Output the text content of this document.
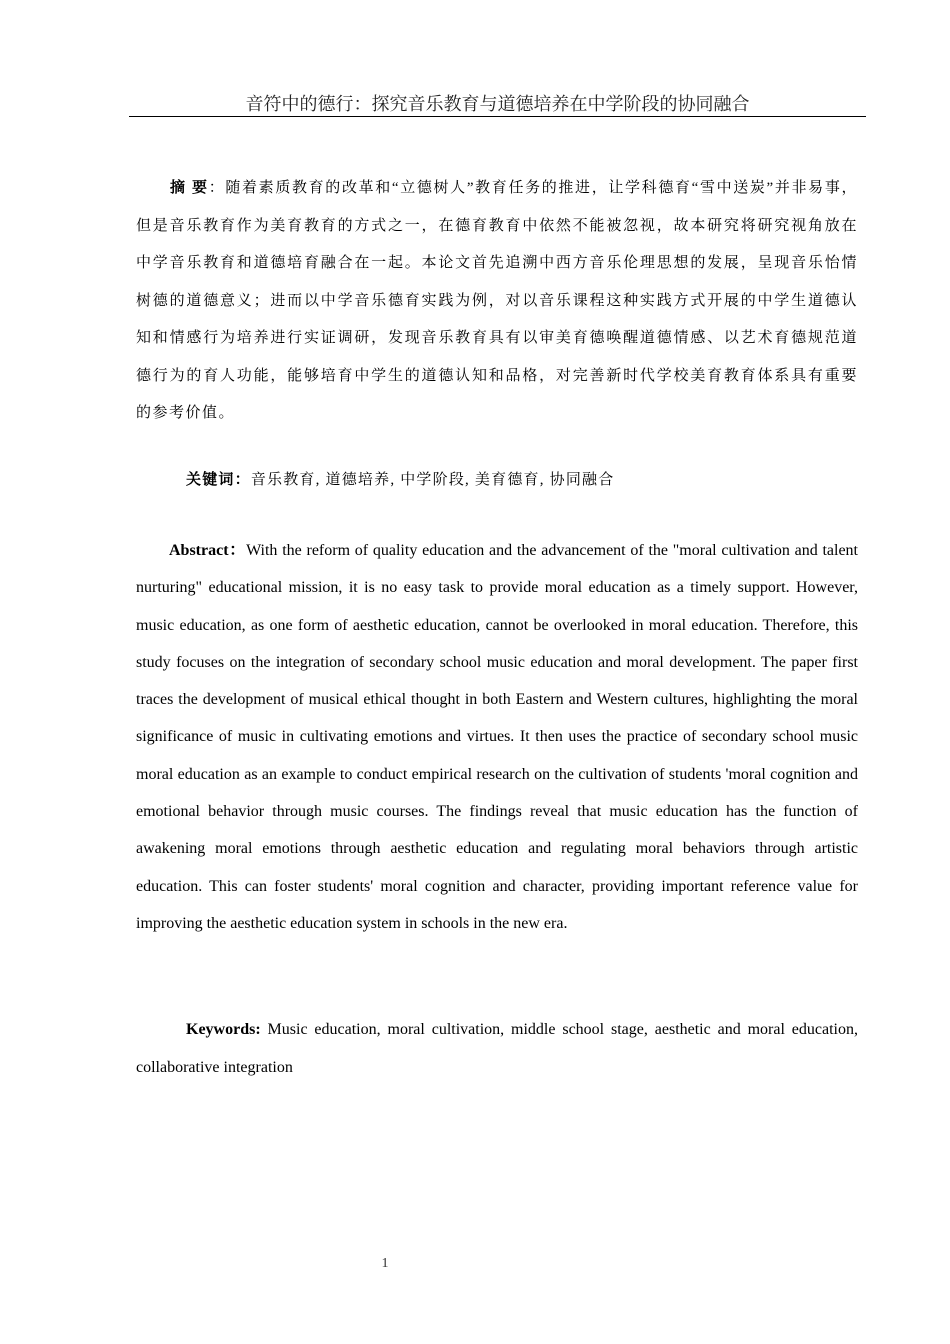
音符中的德行：探究音乐教育与道德培养在中学阶段的协同融合
摘 要：随着素质教育的改革和“立德树人”教育任务的推进，让学科德育“雪中送炭”并非易事，但是音乐教育作为美育教育的方式之一，在德育教育中依然不能被忽视，故本研究将研究视角放在中学音乐教育和道德培育融合在一起。本论文首先追溯中西方音乐伦理思想的发展，呈现音乐怡情树德的道德意义；进而以中学音乐德育实践为例，对以音乐课程这种实践方式开展的中学生道德认知和情感行为培养进行实证调研，发现音乐教育具有以审美育德唤醒道德情感、以艺术育德规范道德行为的育人功能，能够培育中学生的道德认知和品格，对完善新时代学校美育教育体系具有重要的参考价值。
关键词：音乐教育, 道德培养, 中学阶段, 美育德育, 协同融合
Abstract：With the reform of quality education and the advancement of the "moral cultivation and talent nurturing" educational mission, it is no easy task to provide moral education as a timely support. However, music education, as one form of aesthetic education, cannot be overlooked in moral education. Therefore, this study focuses on the integration of secondary school music education and moral development. The paper first traces the development of musical ethical thought in both Eastern and Western cultures, highlighting the moral significance of music in cultivating emotions and virtues. It then uses the practice of secondary school music moral education as an example to conduct empirical research on the cultivation of students 'moral cognition and emotional behavior through music courses. The findings reveal that music education has the function of awakening moral emotions through aesthetic education and regulating moral behaviors through artistic education. This can foster students' moral cognition and character, providing important reference value for improving the aesthetic education system in schools in the new era.
Keywords: Music education, moral cultivation, middle school stage, aesthetic and moral education, collaborative integration
1
